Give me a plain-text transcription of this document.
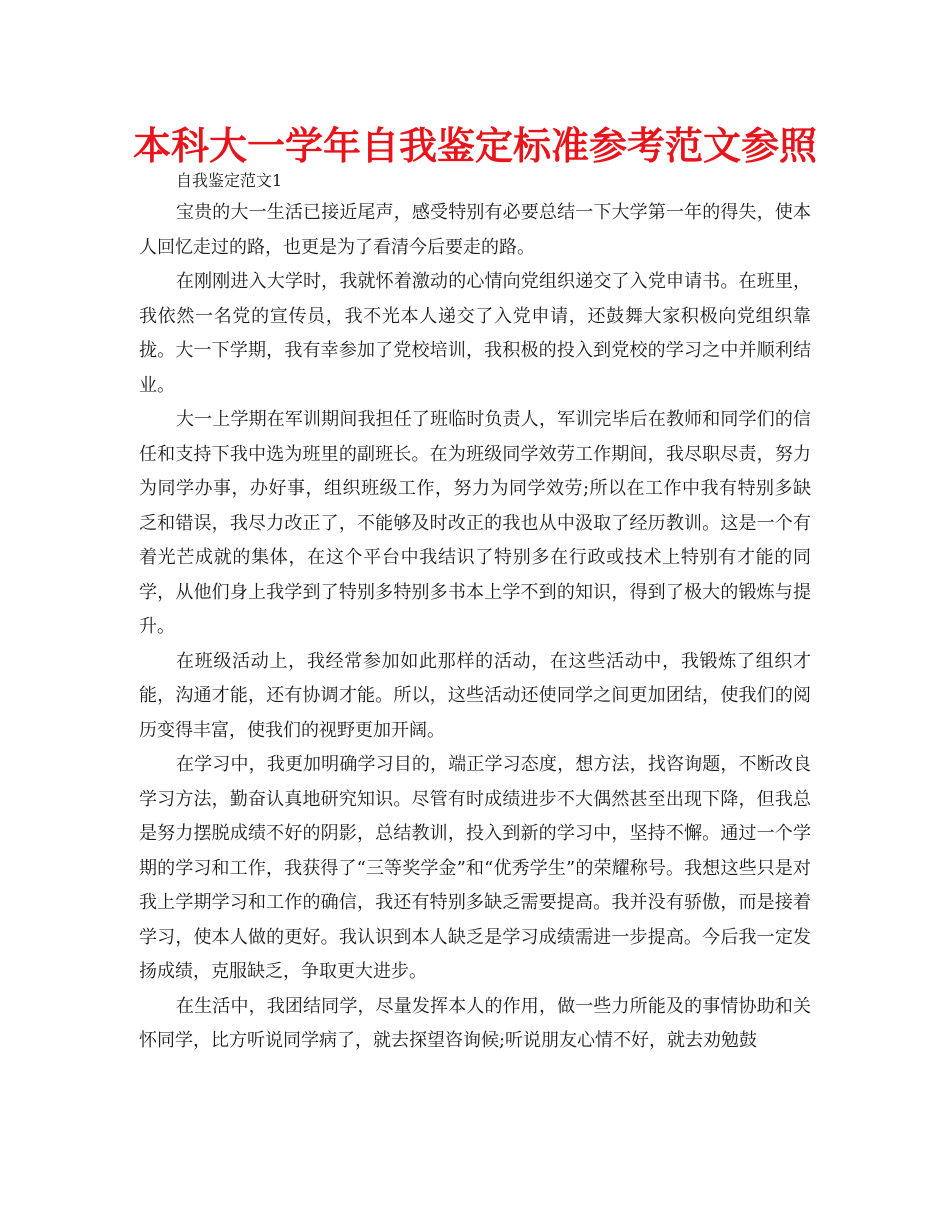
本科大一学年自我鉴定标准参考范文参照
自我鉴定范文1

宝贵的大一生活已接近尾声，感受特别有必要总结一下大学第一年的得失，使本人回忆走过的路，也更是为了看清今后要走的路。

在刚刚进入大学时，我就怀着激动的心情向党组织递交了入党申请书。在班里，我依然一名党的宣传员，我不光本人递交了入党申请，还鼓舞大家积极向党组织靠拢。大一下学期，我有幸参加了党校培训，我积极的投入到党校的学习之中并顺利结业。

大一上学期在军训期间我担任了班临时负责人，军训完毕后在教师和同学们的信任和支持下我中选为班里的副班长。在为班级同学效劳工作期间，我尽职尽责，努力为同学办事，办好事，组织班级工作，努力为同学效劳;所以在工作中我有特别多缺乏和错误，我尽力改正了，不能够及时改正的我也从中汲取了经历教训。这是一个有着光芒成就的集体，在这个平台中我结识了特别多在行政或技术上特别有才能的同学，从他们身上我学到了特别多特别多书本上学不到的知识，得到了极大的锻炼与提升。

在班级活动上，我经常参加如此那样的活动，在这些活动中，我锻炼了组织才能，沟通才能，还有协调才能。所以，这些活动还使同学之间更加团结，使我们的阅历变得丰富，使我们的视野更加开阔。

在学习中，我更加明确学习目的，端正学习态度，想方法，找咨询题，不断改良学习方法，勤奋认真地研究知识。尽管有时成绩进步不大偶然甚至出现下降，但我总是努力摆脱成绩不好的阴影，总结教训，投入到新的学习中，坚持不懈。通过一个学期的学习和工作，我获得了“三等奖学金”和“优秀学生”的荣耀称号。我想这些只是对我上学期学习和工作的确信，我还有特别多缺乏需要提高。我并没有骄傲，而是接着学习，使本人做的更好。我认识到本人缺乏是学习成绩需进一步提高。今后我一定发扬成绩，克服缺乏，争取更大进步。

在生活中，我团结同学，尽量发挥本人的作用，做一些力所能及的事情协助和关怀同学，比方听说同学病了，就去探望咨询候;听说朋友心情不好，就去劝勉鼓
